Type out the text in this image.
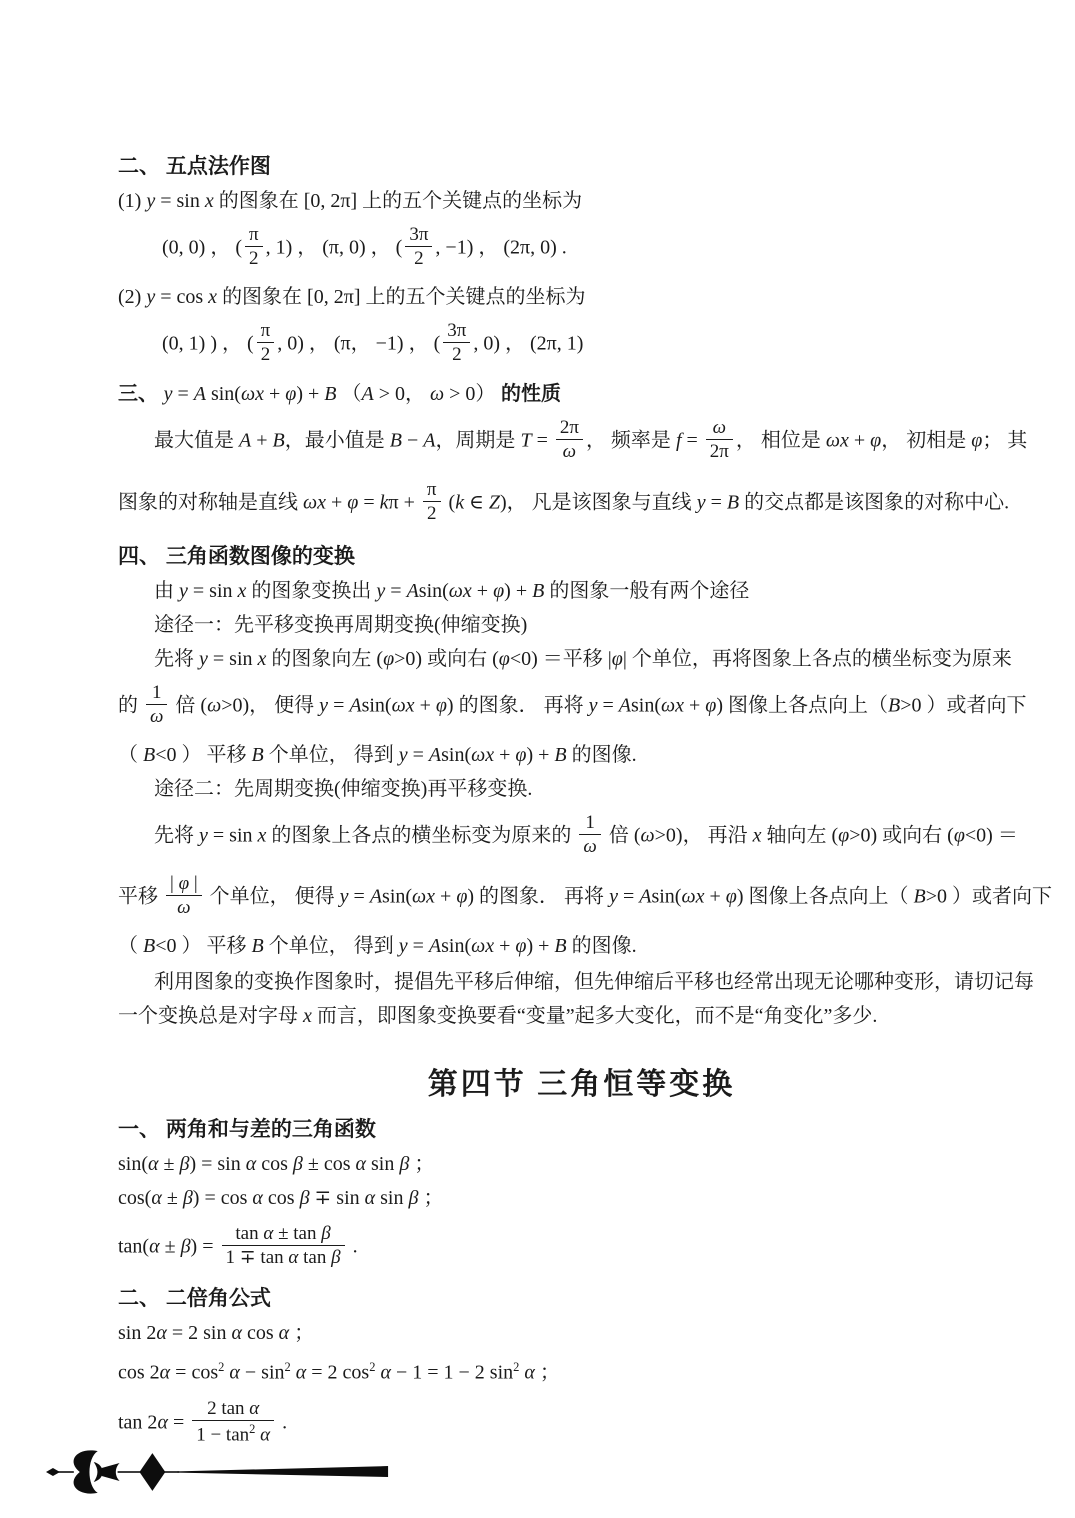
二、 五点法作图
(1) y = sin x 的图象在 [0, 2π] 上的五个关键点的坐标为
(0, 0) ， ( $\frac{\pi}{2}$ , 1) ， (π, 0) ， ( $\frac{3\pi}{2}$ , −1) ， (2π, 0) .
(2) y = cos x 的图象在 [0, 2π] 上的五个关键点的坐标为
(0, 1) ) ， ( $\frac{\pi}{2}$ , 0) ， (π， −1) ， ( $\frac{3\pi}{2}$ , 0) ， (2π, 1)
三、 y = A sin(ωx + φ) + B （A > 0， ω > 0） 的性质
最大值是 A + B，最小值是 B − A，周期是 $T = \frac{2\pi}{\omega}$ ， 频率是 $f = \frac{\omega}{2\pi}$ ， 相位是 ωx + φ， 初相是 φ； 其
图象的对称轴是直线 $\omega x + \varphi = k\pi + \frac{\pi}{2} (k$ ∈ Z)， 凡是该图象与直线 y = B 的交点都是该图象的对称中心.
四、 三角函数图像的变换
由 y = sin x 的图象变换出 y = Asin(ωx + φ) + B 的图象一般有两个途径
途径一：先平移变换再周期变换(伸缩变换)
先将 y = sin x 的图象向左 (φ>0) 或向右 (φ<0) ＝平移 |φ| 个单位，再将图象上各点的横坐标变为原来
的 $\frac{1}{\omega}$ 倍 (ω>0)， 便得 y = Asin(ωx + φ) 的图象． 再将 y = Asin(ωx + φ) 图像上各点向上（B>0 ）或者向下
（ B<0 ） 平移 B 个单位， 得到 y = Asin(ωx + φ) + B 的图像.
途径二：先周期变换(伸缩变换)再平移变换.
先将 y = sin x 的图象上各点的横坐标变为原来的 $\frac{1}{\omega}$ 倍 (ω>0)， 再沿 x 轴向左 (φ>0) 或向右 (φ<0) ＝
平移 $\frac{| \varphi |}{\omega}$ 个单位， 便得 y = Asin(ωx + φ) 的图象． 再将 y = Asin(ωx + φ) 图像上各点向上（ B>0 ）或者向下
（ B<0 ） 平移 B 个单位， 得到 y = Asin(ωx + φ) + B 的图像.
利用图象的变换作图象时，提倡先平移后伸缩，但先伸缩后平移也经常出现无论哪种变形，请切记每
一个变换总是对字母 x 而言，即图象变换要看“变量”起多大变化，而不是“角变化”多少.
第四节 三角恒等变换
一、 两角和与差的三角函数
sin(α ± β) = sin α cos β ± cos α sin β ；
cos(α ± β) = cos α cos β ∓ sin α sin β ；
$\tan(\alpha \pm \beta) = \frac{\text{tan α ± tan β}}{\text{1 ∓ tan α tan β}}$ .
二、 二倍角公式
sin 2α = 2 sin α cos α ；
$\cos 2\alpha = \cos^2 \alpha - \sin^2 \alpha = 2$ $\cos^2 \alpha - 1 = 1 - 2$ $\sin^2 \alpha$ ；
$\tan 2\alpha = \frac{\text{2 tan α}}{1 - \tan^2 \alpha}$ .
